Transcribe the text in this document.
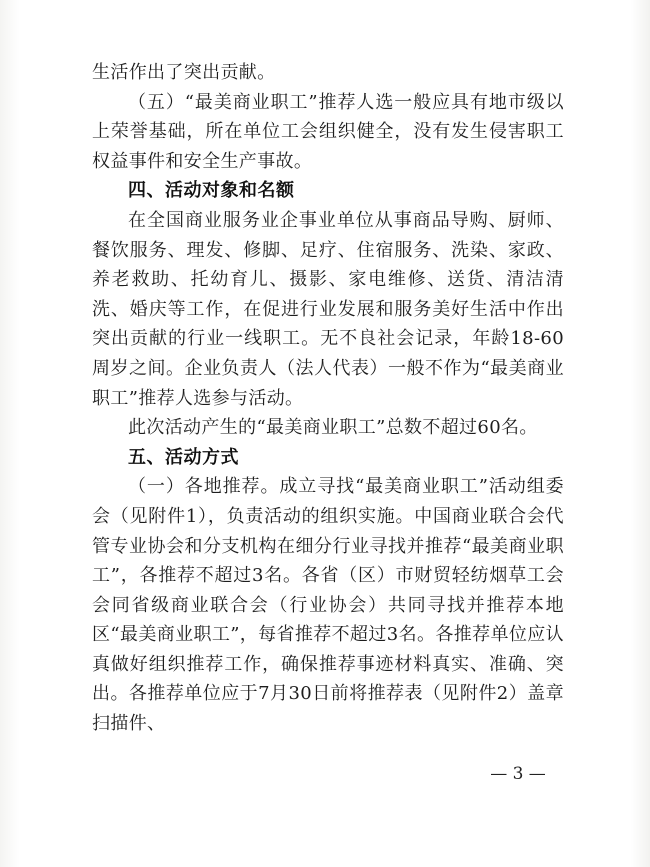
生活作出了突出贡献。

（五）“最美商业职工”推荐人选一般应具有地市级以上荣誉基础，所在单位工会组织健全，没有发生侵害职工权益事件和安全生产事故。

四、活动对象和名额

在全国商业服务业企事业单位从事商品导购、厨师、餐饮服务、理发、修脚、足疗、住宿服务、洗染、家政、养老救助、托幼育儿、摄影、家电维修、送货、清洁清洗、婚庆等工作，在促进行业发展和服务美好生活中作出突出贡献的行业一线职工。无不良社会记录，年龄18-60周岁之间。企业负责人（法人代表）一般不作为“最美商业职工”推荐人选参与活动。

此次活动产生的“最美商业职工”总数不超过60名。

五、活动方式

（一）各地推荐。成立寻找“最美商业职工”活动组委会（见附件1），负责活动的组织实施。中国商业联合会代管专业协会和分支机构在细分行业寻找并推荐“最美商业职工”，各推荐不超过3名。各省（区）市财贸轻纺烟草工会会同省级商业联合会（行业协会）共同寻找并推荐本地区“最美商业职工”，每省推荐不超过3名。各推荐单位应认真做好组织推荐工作，确保推荐事迹材料真实、准确、突出。各推荐单位应于7月30日前将推荐表（见附件2）盖章扫描件、

— 3 —
